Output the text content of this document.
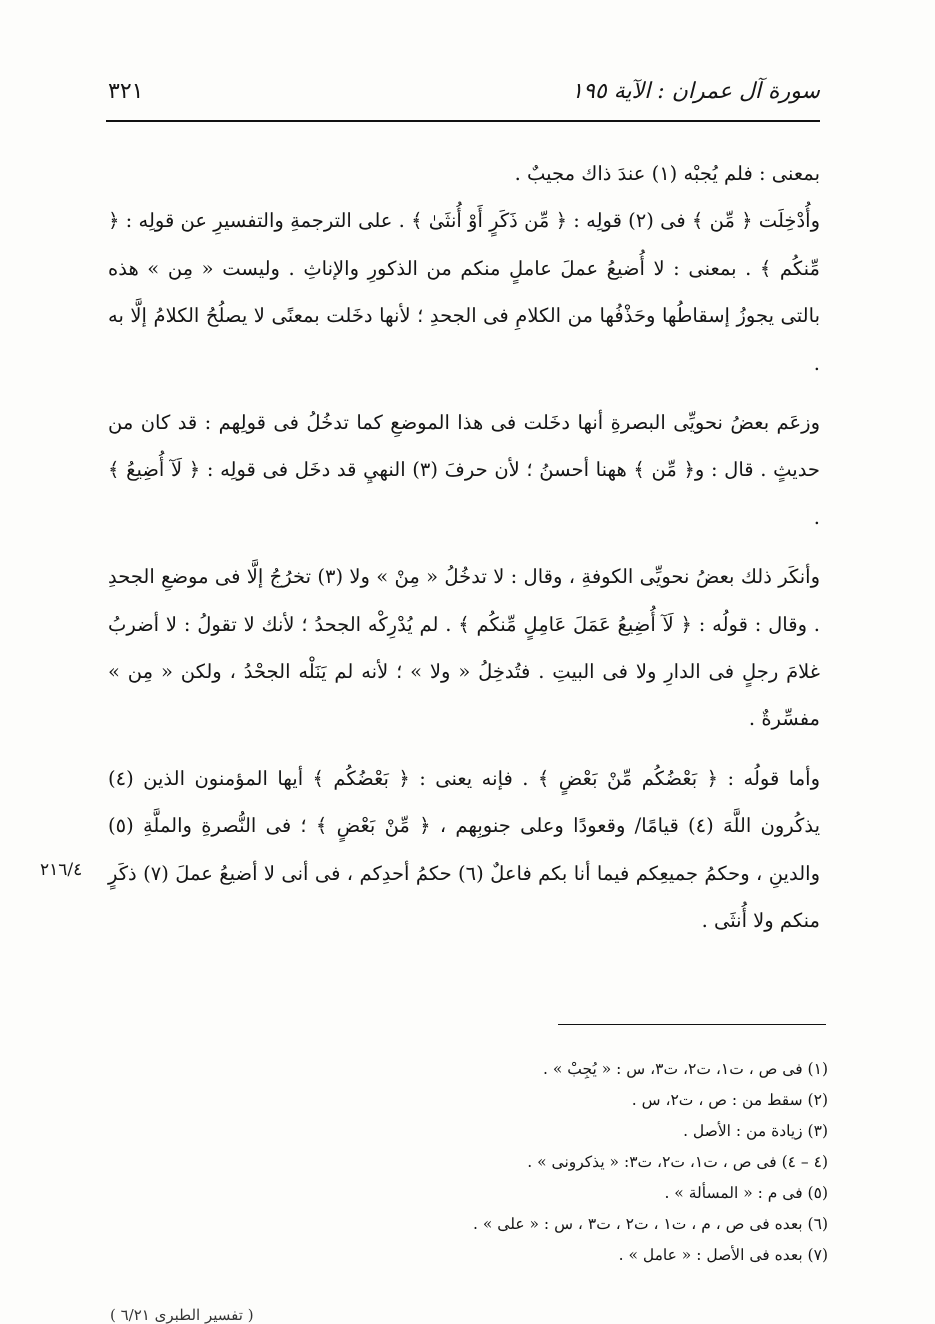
سورة آل عمران : الآية ١٩٥
٣٢١

بمعنى : فلم يُجبْه (١) عندَ ذاك مجيبٌ .

وأُدْخِلَت ﴿ مِّن ﴾ فى (٢) قولِه : ﴿ مِّن ذَكَرٍ أَوْ أُنثَىٰ ﴾ . على الترجمةِ والتفسيرِ عن قولِه : ﴿ مِّنكُم ﴾ . بمعنى : لا أُضيعُ عملَ عاملٍ منكم من الذكورِ والإناثِ . وليست « مِن » هذه بالتى يجوزُ إسقاطُها وحَذْفُها من الكلامِ فى الجحدِ ؛ لأنها دخَلت بمعنًى لا يصلُحُ الكلامُ إلَّا به .

وزعَم بعضُ نحويِّى البصرةِ أنها دخَلت فى هذا الموضعِ كما تدخُلُ فى قولِهم : قد كان من حديثٍ . قال : و﴿ مِّن ﴾ ههنا أحسنُ ؛ لأن حرفَ (٣) النهيِ قد دخَل فى قولِه : ﴿ لَآ أُضِيعُ ﴾ .

وأنكَر ذلك بعضُ نحويِّى الكوفةِ ، وقال : لا تدخُلُ « مِنْ » ولا (٣) تخرُجُ إلَّا فى موضعِ الجحدِ . وقال : قولُه : ﴿ لَآ أُضِيعُ عَمَلَ عَامِلٍ مِّنكُم ﴾ . لم يُدْرِكْه الجحدُ ؛ لأنك لا تقولُ : لا أضربُ غلامَ رجلٍ فى الدارِ ولا فى البيتِ . فتُدخِلُ « ولا » ؛ لأنه لم يَنَلْه الجحْدُ ، ولكن « مِن » مفسِّرةٌ .

وأما قولُه : ﴿ بَعْضُكُم مِّنْ بَعْضٍ ﴾ . فإنه يعنى : ﴿ بَعْضُكُم ﴾ أيها المؤمنون الذين (٤) يذكُرون اللَّهَ (٤) قيامًا/ وقعودًا وعلى جنوبِهم ، ﴿ مِّنْ بَعْضٍ ﴾ ؛ فى النُّصرةِ والملَّةِ (٥) والدينِ ، وحكمُ جميعِكم فيما أنا بكم فاعلٌ (٦) حكمُ أحدِكم ، فى أنى لا أضيعُ عملَ (٧) ذكَرٍ منكم ولا أُنثَى .

٢١٦/٤

(١) فى ص ، ت١، ت٢، ت٣، س : « يُجِبْ » .

(٢) سقط من : ص ، ت٢، س .

(٣) زيادة من : الأصل .

(٤ – ٤) فى ص ، ت١، ت٢، ت٣: « يذكرونى » .

(٥) فى م : « المسألة » .

(٦) بعده فى ص ، م ، ت١ ، ت٢ ، ت٣ ، س : « على » .

(٧) بعده فى الأصل : « عامل » .

( تفسير الطبرى ٦/٢١ )
